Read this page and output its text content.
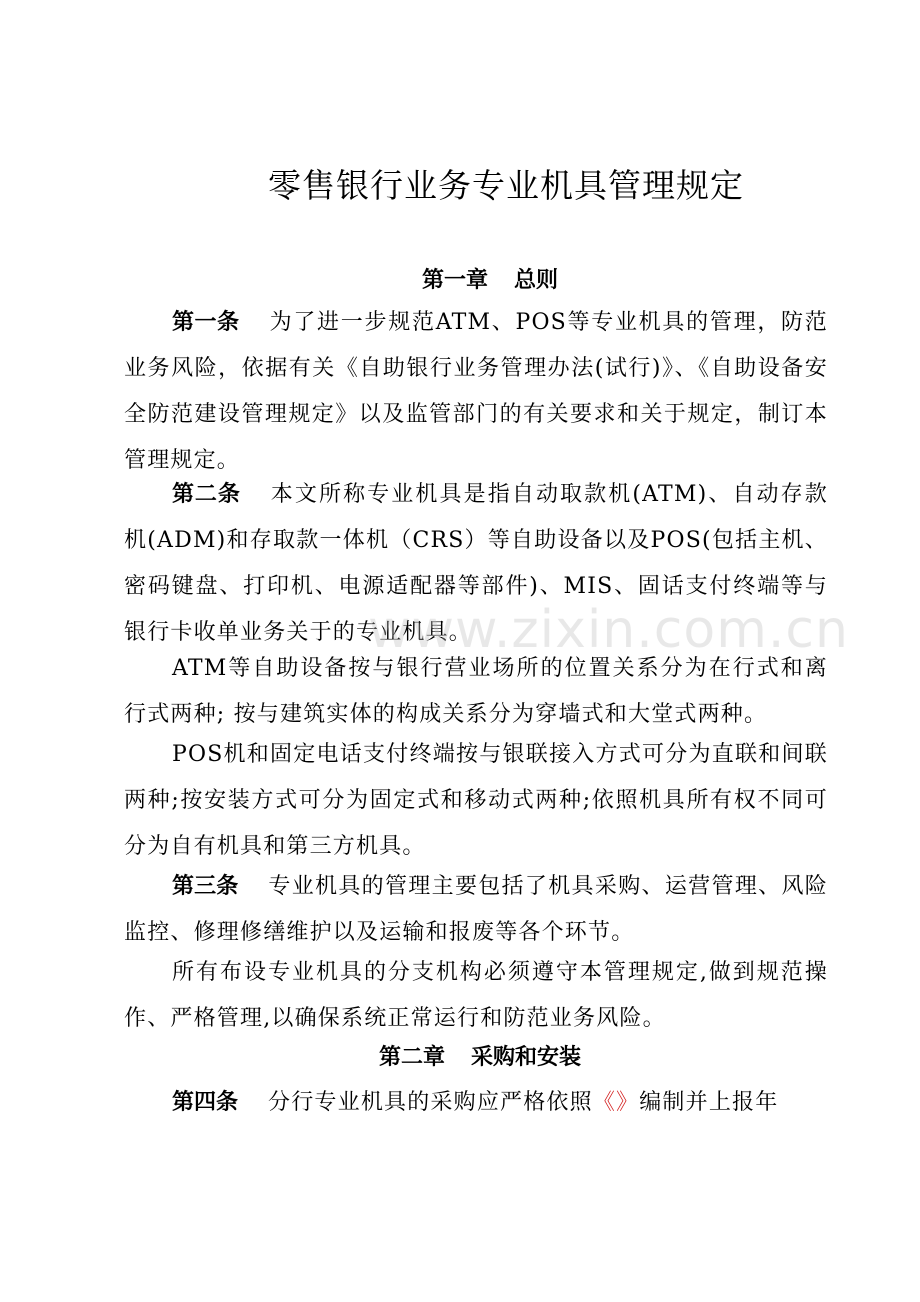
零售银行业务专业机具管理规定
第一章 总则

第一条 为了进一步规范ATM、POS等专业机具的管理，防范业务风险，依据有关《自助银行业务管理办法(试行)》、《自助设备安全防范建设管理规定》以及监管部门的有关要求和关于规定，制订本管理规定。

第二条 本文所称专业机具是指自动取款机(ATM)、自动存款机(ADM)和存取款一体机（CRS）等自助设备以及POS(包括主机、密码键盘、打印机、电源适配器等部件)、MIS、固话支付终端等与银行卡收单业务关于的专业机具。

ATM等自助设备按与银行营业场所的位置关系分为在行式和离行式两种; 按与建筑实体的构成关系分为穿墙式和大堂式两种。

POS机和固定电话支付终端按与银联接入方式可分为直联和间联两种;按安装方式可分为固定式和移动式两种;依照机具所有权不同可分为自有机具和第三方机具。

第三条 专业机具的管理主要包括了机具采购、运营管理、风险监控、修理修缮维护以及运输和报废等各个环节。

所有布设专业机具的分支机构必须遵守本管理规定,做到规范操作、严格管理,以确保系统正常运行和防范业务风险。

第二章 采购和安装

第四条 分行专业机具的采购应严格依照《》编制并上报年

www.zixin.com.cn
